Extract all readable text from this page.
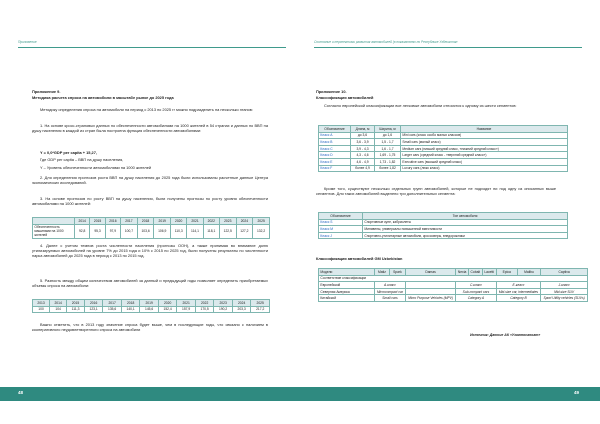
Приложение
Приложение 9.
Методика расчета спроса на автомобили в масштабе рынке до 2025 года
Методику определения спроса на автомобили на период с 2013 по 2025 гг можно подразделить на несколько этапов:
1. На основе кросс-страновых данных по обеспеченности автомобилями на 1000 жителей в 54 странах и данных по ВВП на душу населения в каждой из стран была построена функция обеспеченности автомобилями:
Y = 0,0*GDP per capita + 15,27,
Где GDP per capita – ВВП на душу населения,
Y – Уровень обеспеченности автомобилями на 1000 жителей
2. Для определения прогнозов роста ВВП на душу населения до 2025 года были использованы расчетные данные Центра экономических исследований.
3. На основе прогнозов по росту ВВП на душу населения, были получены прогнозы по росту уровня обеспеченности автомобилями на 1000 жителей:
	2014	2015	2016	2017	2018	2019	2020	2021	2022	2023	2024	2025
Обеспеченность машинами на 1000 жителей	92,8	95,3	97,9	100,7	103,6	106,9	110,3	114,1	118,1	122,5	127,2	132,2
4. Далее с учетом темпов роста численности населения (прогнозы ООН), а также принимая во внимание долю утилизируемых автомобилей на уровне 7% до 2015 года и 10% с 2015 по 2025 год, были получены результаты по численности парка автомобилей до 2025 года в период с 2013 по 2015 год.
5. Разность между общим количеством автомобилей за данный и предыдущий годы позволяет определить приобретаемых объемы спроса на автомобили:
2013	2014	2015	2016	2017	2018	2019	2020	2021	2022	2023	2024	2025
100	104	111,3	123,1	135,6	140,1	145,6	152,4	157,9	170,5	190,2	203,3	217,2
Важно отметить, что в 2013 году значение спроса будет выше, чем в последующие годы, что связано с наличием в кооперативного неудовлетворенного спроса на автомобили
48
Состояние и перспективы развития автомобилей (в показателях по Республике Узбекистан
Приложение 10.
Классификация автомобилей
Согласно европейской классификации все легковые автомобили относятся к одному из шести сегментов:
Обозначение	Длина, м	Ширина, м	Название
Класс A	до 3,6	до 1,6	Mini cars (класс особо малых классов)
Класс B	3,6 - 3,9	1,5 - 1,7	Small cars (малый класс)
Класс C	3,9 - 4,3	1,6 - 1,7	Medium cars (низший средний класс, «нижний средний класс»)
Класс D	4,3 - 4,6	1,69 - 1,75	Larger cars (средний класс - «верхний средний класс»)
Класс E	4,6 - 4,9	1,73 - 1,82	Executive cars (высший средний класс)
Класс F	более 4,9	более 1,82	Luxury cars (люкс класс)
Кроме того, существуют несколько отдельных групп автомобилей, которые не подходят ни под одну из описанных выше сегментов. Для таких автомобилей выделено три дополнительных сегмента:
Обозначение	Тип автомобиля
Класс S	Спортивные купе, кабриолеты
Класс M	Минивены, универсалы повышенной вместимости
Класс J	Спортивно-утилитарные автомобили, кроссоверы, внедорожники
Классификация автомобилей GM Uzbekistan
Модели	Matiz	Spark	Damas	Nexia	Cobalt	Lacetti	Epica	Malibu	Captiva
Соответствие классификации									
Европейской	A-класс			C-класс			E-класс		J-класс
Северная Америка	Microcompact car			Sub-compact cars			Mid-size car, intermediates		Mid-size SUV
Китайской	Small cars		Micro Purpose Vehicles (MPV)	Category A			Category B		Sport Utility vehicles (SUVs)
Источник: Данные АК «Узавтосаноат»
49
